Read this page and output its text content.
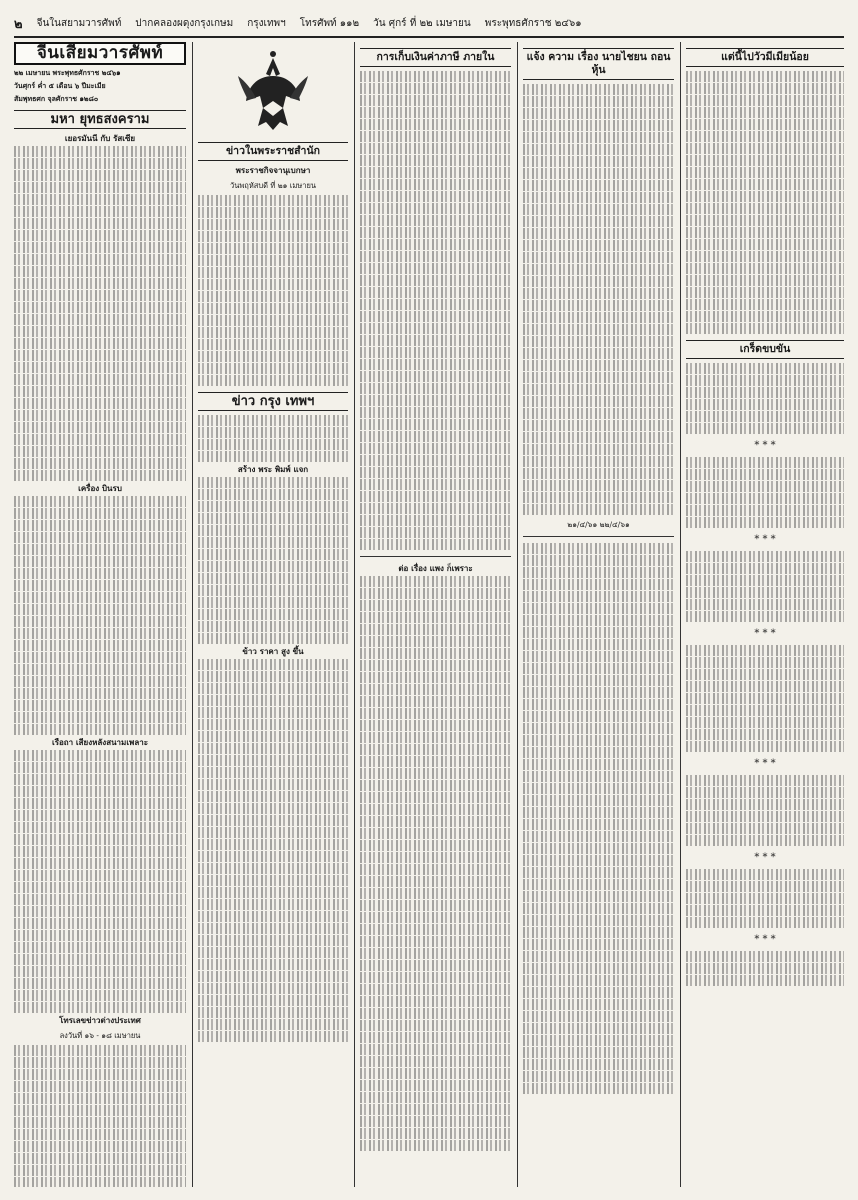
๒ จีนในสยามวารศัพท์ ปากคลองผดุงกรุงเกษม กรุงเทพฯ โทรศัพท์ ๑๑๒ วัน ศุกร์ ที่ ๒๒ เมษายน พระพุทธศักราช ๒๔๖๑
จีนเสียมวารศัพท์
๒๒ เมษายน พระพุทธศักราช ๒๔๖๑
วันศุกร์ ค่ำ ๕ เดือน ๖ ปีมะเมีย
สัมพุทธศก จุลศักราช ๑๒๘๐
มหา ยุทธสงคราม
เยอรมันนี กับ รัสเซีย
เครื่อง บินรบ
เรือถา เสียงหลังสนามเพลาะ
โทรเลขข่าวต่างประเทศ
ลงวันที่ ๑๖ - ๑๘ เมษายน
ข่าวในพระราชสำนัก
พระราชกิจจานุเบกษา
วันพฤหัสบดี ที่ ๒๑ เมษายน
ข่าว กรุง เทพฯ
สร้าง พระ พิมพ์ แจก
ข้าว ราคา สูง ขึ้น
การเก็บเงินค่าภาษี ภายใน
ต่อ เรื่อง แพง ก็เพราะ
แจ้ง ความ เรื่อง นายไชยน ถอนหุ้น
๒๑/๔/๖๑ ๒๒/๔/๖๑
แต่นี้ไปวัวมีเมียน้อย
เกร็ดขบขัน
* * *
* * *
* * *
* * *
* * *
* * *
